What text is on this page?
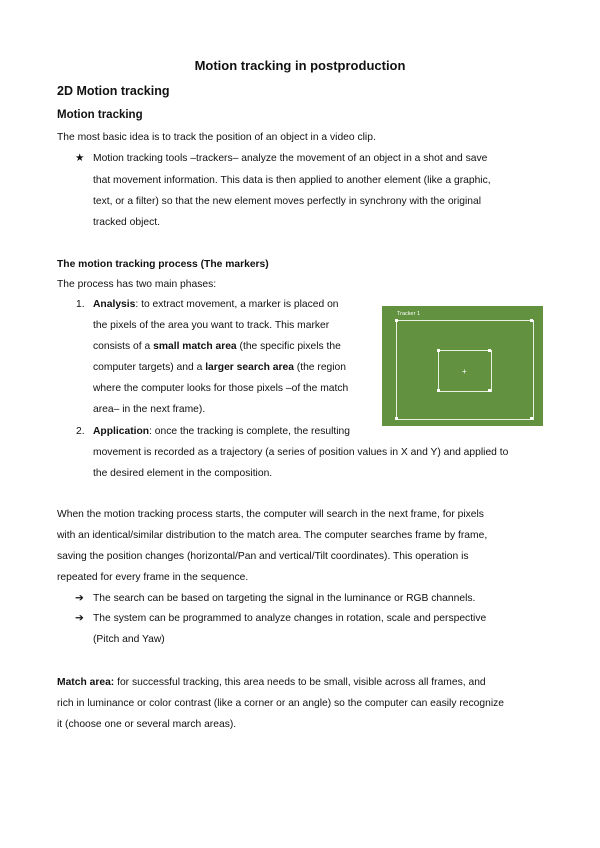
Motion tracking in postproduction
2D Motion tracking
Motion tracking
The most basic idea is to track the position of an object in a video clip.
★ Motion tracking tools –trackers– analyze the movement of an object in a shot and save
that movement information. This data is then applied to another element (like a graphic,
text, or a filter) so that the new element moves perfectly in synchrony with the original
tracked object.
The motion tracking process (The markers)
The process has two main phases:
1. Analysis: to extract movement, a marker is placed on
the pixels of the area you want to track. This marker
consists of a small match area (the specific pixels the
computer targets) and a larger search area (the region
where the computer looks for those pixels –of the match
area– in the next frame).
Tracker 1
+
2. Application: once the tracking is complete, the resulting
movement is recorded as a trajectory (a series of position values in X and Y) and applied to
the desired element in the composition.
When the motion tracking process starts, the computer will search in the next frame, for pixels
with an identical/similar distribution to the match area. The computer searches frame by frame,
saving the position changes (horizontal/Pan and vertical/Tilt coordinates). This operation is
repeated for every frame in the sequence.
➔ The search can be based on targeting the signal in the luminance or RGB channels.
➔ The system can be programmed to analyze changes in rotation, scale and perspective
(Pitch and Yaw)
Match area: for successful tracking, this area needs to be small, visible across all frames, and
rich in luminance or color contrast (like a corner or an angle) so the computer can easily recognize
it (choose one or several march areas).
